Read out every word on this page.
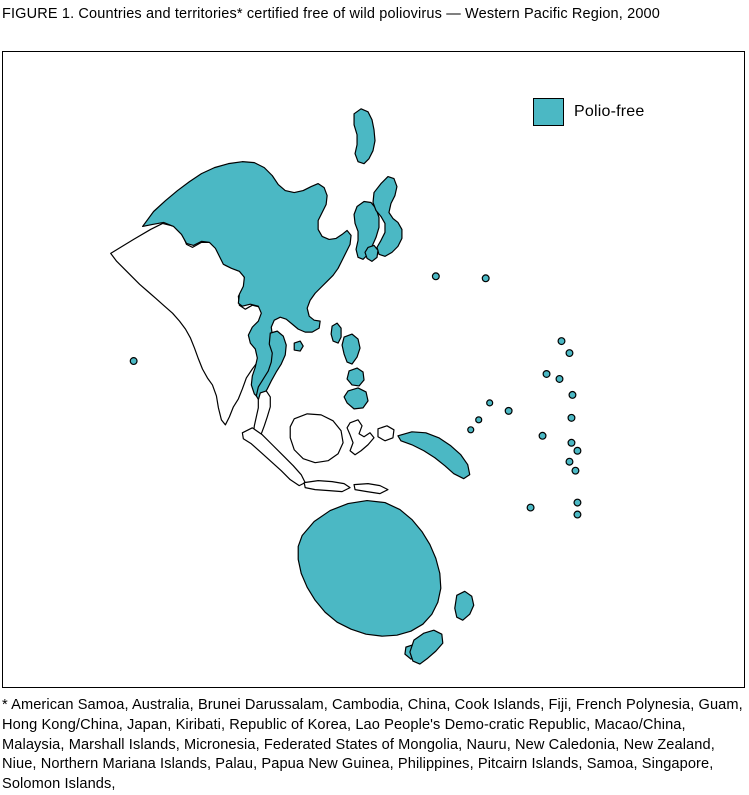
FIGURE 1. Countries and territories* certified free of wild poliovirus — Western Pacific Region, 2000
Polio-free
* American Samoa, Australia, Brunei Darussalam, Cambodia, China, Cook Islands, Fiji, French Polynesia, Guam, Hong Kong/China, Japan, Kiribati, Republic of Korea, Lao People's Demo-cratic Republic, Macao/China, Malaysia, Marshall Islands, Micronesia, Federated States of Mongolia, Nauru, New Caledonia, New Zealand, Niue, Northern Mariana Islands, Palau, Papua New Guinea, Philippines, Pitcairn Islands, Samoa, Singapore, Solomon Islands,
